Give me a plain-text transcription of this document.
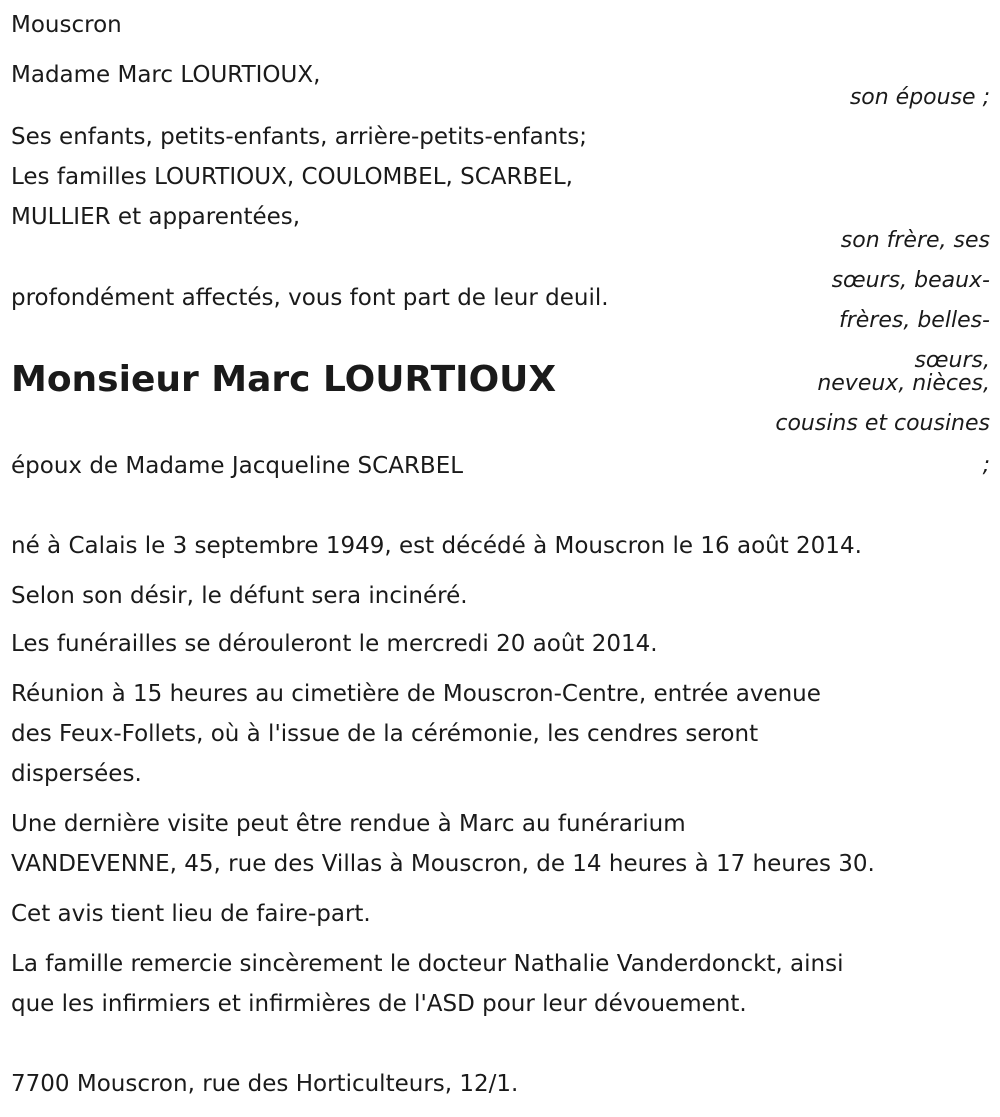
Mouscron
Madame Marc LOURTIOUX,
son épouse ;
Ses enfants, petits-enfants, arrière-petits-enfants;
Les familles LOURTIOUX, COULOMBEL, SCARBEL,
MULLIER et apparentées,
son frère, ses
sœurs, beaux-
frères, belles-
sœurs,
neveux, nièces,
cousins et cousines
;
profondément affectés, vous font part de leur deuil.
Monsieur Marc LOURTIOUX
époux de Madame Jacqueline SCARBEL
né à Calais le 3 septembre 1949, est décédé à Mouscron le 16 août 2014.
Selon son désir, le défunt sera incinéré.
Les funérailles se dérouleront le mercredi 20 août 2014.
Réunion à 15 heures au cimetière de Mouscron-Centre, entrée avenue
des Feux-Follets, où à l'issue de la cérémonie, les cendres seront
dispersées.
Une dernière visite peut être rendue à Marc au funérarium
VANDEVENNE, 45, rue des Villas à Mouscron, de 14 heures à 17 heures 30.
Cet avis tient lieu de faire-part.
La famille remercie sincèrement le docteur Nathalie Vanderdonckt, ainsi
que les infirmiers et infirmières de l'ASD pour leur dévouement.
7700 Mouscron, rue des Horticulteurs, 12/1.
